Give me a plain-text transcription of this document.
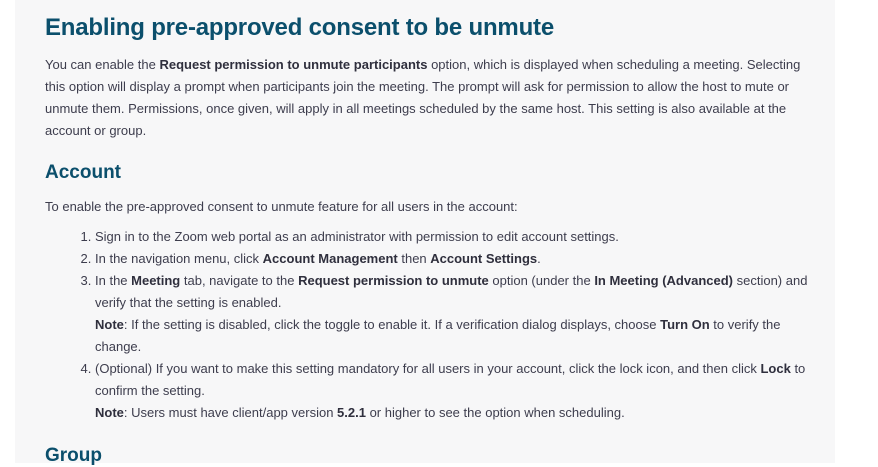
Enabling pre-approved consent to be unmute

You can enable the Request permission to unmute participants option, which is displayed when scheduling a meeting. Selecting this option will display a prompt when participants join the meeting. The prompt will ask for permission to allow the host to mute or unmute them. Permissions, once given, will apply in all meetings scheduled by the same host. This setting is also available at the account or group.

Account

To enable the pre-approved consent to unmute feature for all users in the account:

1. Sign in to the Zoom web portal as an administrator with permission to edit account settings.
2. In the navigation menu, click Account Management then Account Settings.
3. In the Meeting tab, navigate to the Request permission to unmute option (under the In Meeting (Advanced) section) and verify that the setting is enabled.
Note: If the setting is disabled, click the toggle to enable it. If a verification dialog displays, choose Turn On to verify the change.
4. (Optional) If you want to make this setting mandatory for all users in your account, click the lock icon, and then click Lock to confirm the setting.
Note: Users must have client/app version 5.2.1 or higher to see the option when scheduling.
Group
